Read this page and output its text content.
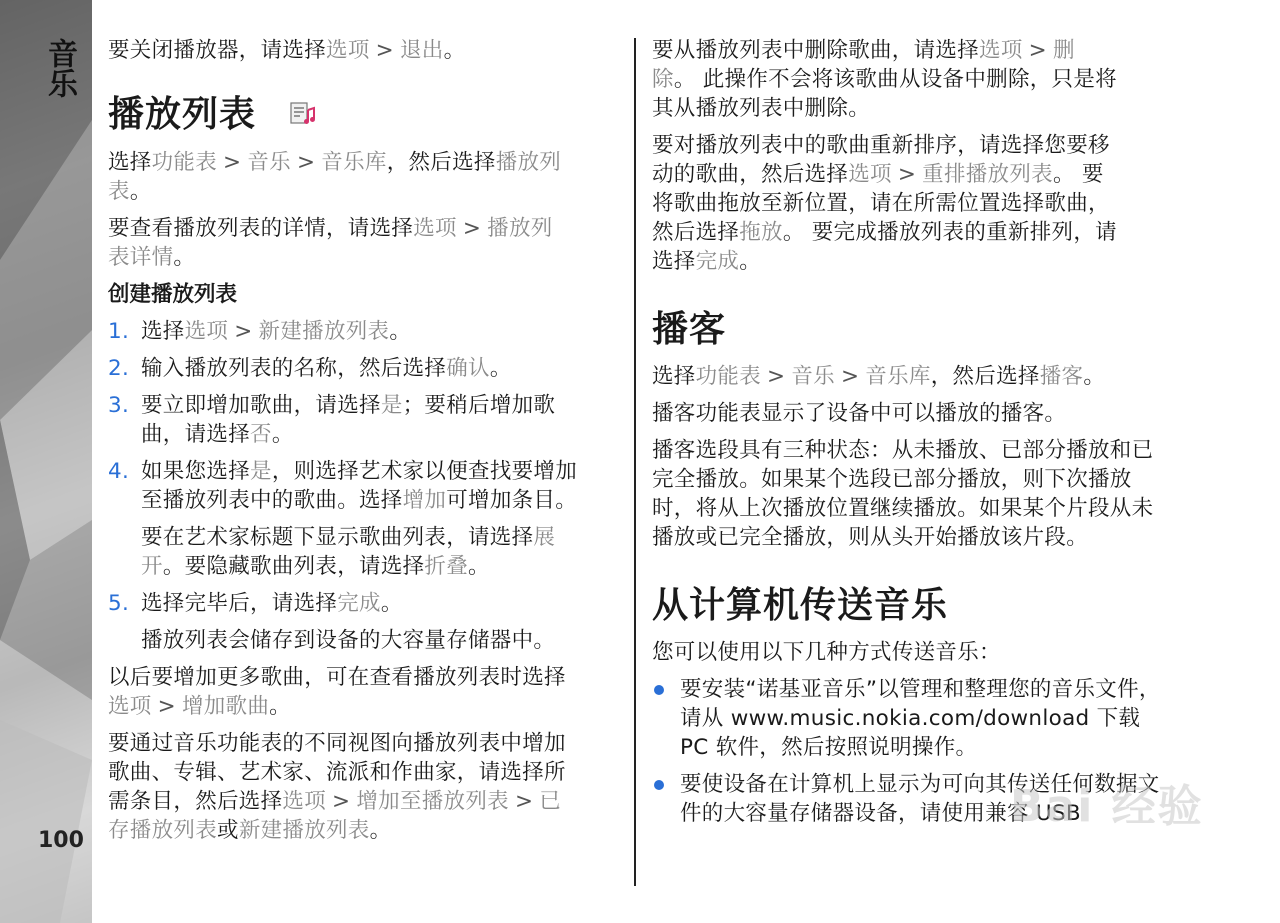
音乐
100

要关闭播放器，请选择选项 > 退出。

播放列表

选择功能表 > 音乐 > 音乐库，然后选择播放列
表。

要查看播放列表的详情，请选择选项 > 播放列
表详情。

创建播放列表
1. 选择选项 > 新建播放列表。
2. 输入播放列表的名称，然后选择确认。
3. 要立即增加歌曲，请选择是；要稍后增加歌
曲，请选择否。
4. 如果您选择是，则选择艺术家以便查找要增加
至播放列表中的歌曲。选择增加可增加条目。
要在艺术家标题下显示歌曲列表，请选择展
开。要隐藏歌曲列表，请选择折叠。
5. 选择完毕后，请选择完成。
播放列表会储存到设备的大容量存储器中。

以后要增加更多歌曲，可在查看播放列表时选择
选项 > 增加歌曲。

要通过音乐功能表的不同视图向播放列表中增加
歌曲、专辑、艺术家、流派和作曲家，请选择所
需条目，然后选择选项 > 增加至播放列表 > 已
存播放列表或新建播放列表。

要从播放列表中删除歌曲，请选择选项 > 删
除。 此操作不会将该歌曲从设备中删除，只是将
其从播放列表中删除。

要对播放列表中的歌曲重新排序，请选择您要移
动的歌曲，然后选择选项 > 重排播放列表。 要
将歌曲拖放至新位置，请在所需位置选择歌曲，
然后选择拖放。 要完成播放列表的重新排列，请
选择完成。

播客

选择功能表 > 音乐 > 音乐库，然后选择播客。

播客功能表显示了设备中可以播放的播客。

播客选段具有三种状态：从未播放、已部分播放和已完全播放。如果某个选段已部分播放，则下次播放时，将从上次播放位置继续播放。如果某个片段从未播放或已完全播放，则从头开始播放该片段。

从计算机传送音乐

您可以使用以下几种方式传送音乐：

要安装“诺基亚音乐”以管理和整理您的音乐文件，请从 www.music.nokia.com/download 下载 PC 软件，然后按照说明操作。
要使设备在计算机上显示为可向其传送任何数据文件的大容量存储器设备，请使用兼容 USB
Bai 经验
